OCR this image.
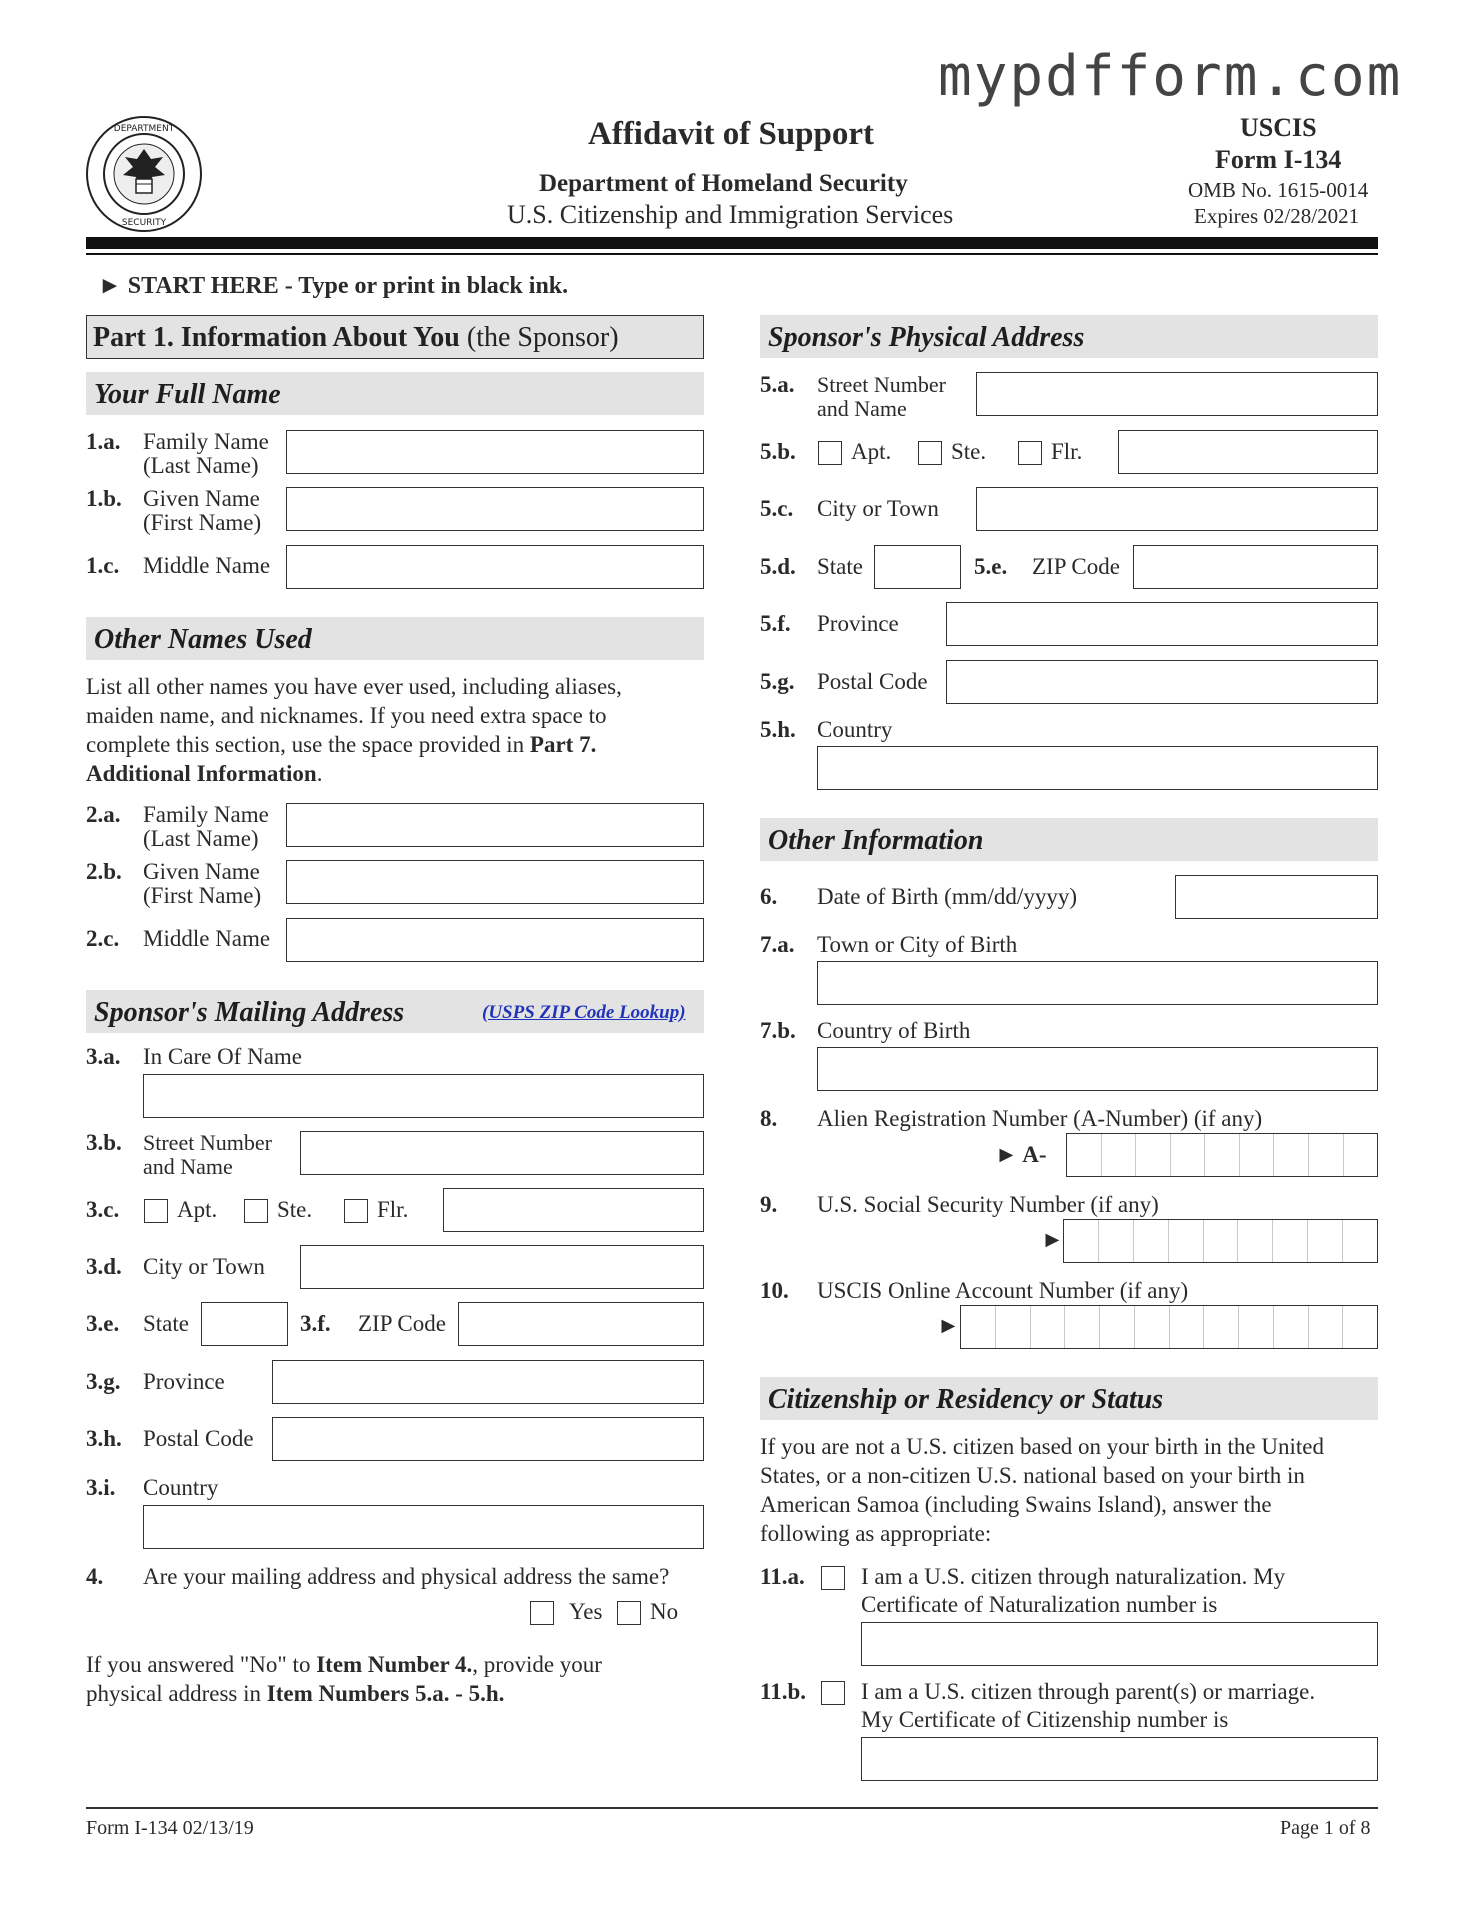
mypdfform.com
DEPARTMENT
SECURITY
Affidavit of Support
Department of Homeland Security
U.S. Citizenship and Immigration Services
USCIS
Form I-134
OMB No. 1615-0014
Expires 02/28/2021
► START HERE - Type or print in black ink.
Part 1. Information About You (the Sponsor)
Your Full Name
1.a. Family Name
(Last Name)
1.b. Given Name
(First Name)
1.c. Middle Name
Other Names Used
List all other names you have ever used, including aliases,
maiden name, and nicknames. If you need extra space to
complete this section, use the space provided in Part 7.
Additional Information.
2.a. Family Name
(Last Name)
2.b. Given Name
(First Name)
2.c. Middle Name
Sponsor's Mailing Address	(USPS ZIP Code Lookup)
3.a. In Care Of Name
3.b. Street Number
and Name
3.c.	Apt.	Ste.	Flr.
3.d. City or Town
3.e. State	3.f. ZIP Code
3.g. Province
3.h. Postal Code
3.i. Country
4. Are your mailing address and physical address the same?
Yes No
If you answered "No" to Item Number 4., provide your
physical address in Item Numbers 5.a. - 5.h.
Sponsor's Physical Address
5.a. Street Number
and Name
5.b. Apt.	Ste.	Flr.
5.c. City or Town
5.d. State	5.e. ZIP Code
5.f. Province
5.g. Postal Code
5.h. Country
Other Information
6. Date of Birth (mm/dd/yyyy)
7.a. Town or City of Birth
7.b. Country of Birth
8. Alien Registration Number (A-Number) (if any)
► A-
9. U.S. Social Security Number (if any)
►
10. USCIS Online Account Number (if any)
►
Citizenship or Residency or Status
If you are not a U.S. citizen based on your birth in the United
States, or a non-citizen U.S. national based on your birth in
American Samoa (including Swains Island), answer the
following as appropriate:
11.a. I am a U.S. citizen through naturalization. My
Certificate of Naturalization number is
11.b. I am a U.S. citizen through parent(s) or marriage.
My Certificate of Citizenship number is
Form I-134 02/13/19	Page 1 of 8
